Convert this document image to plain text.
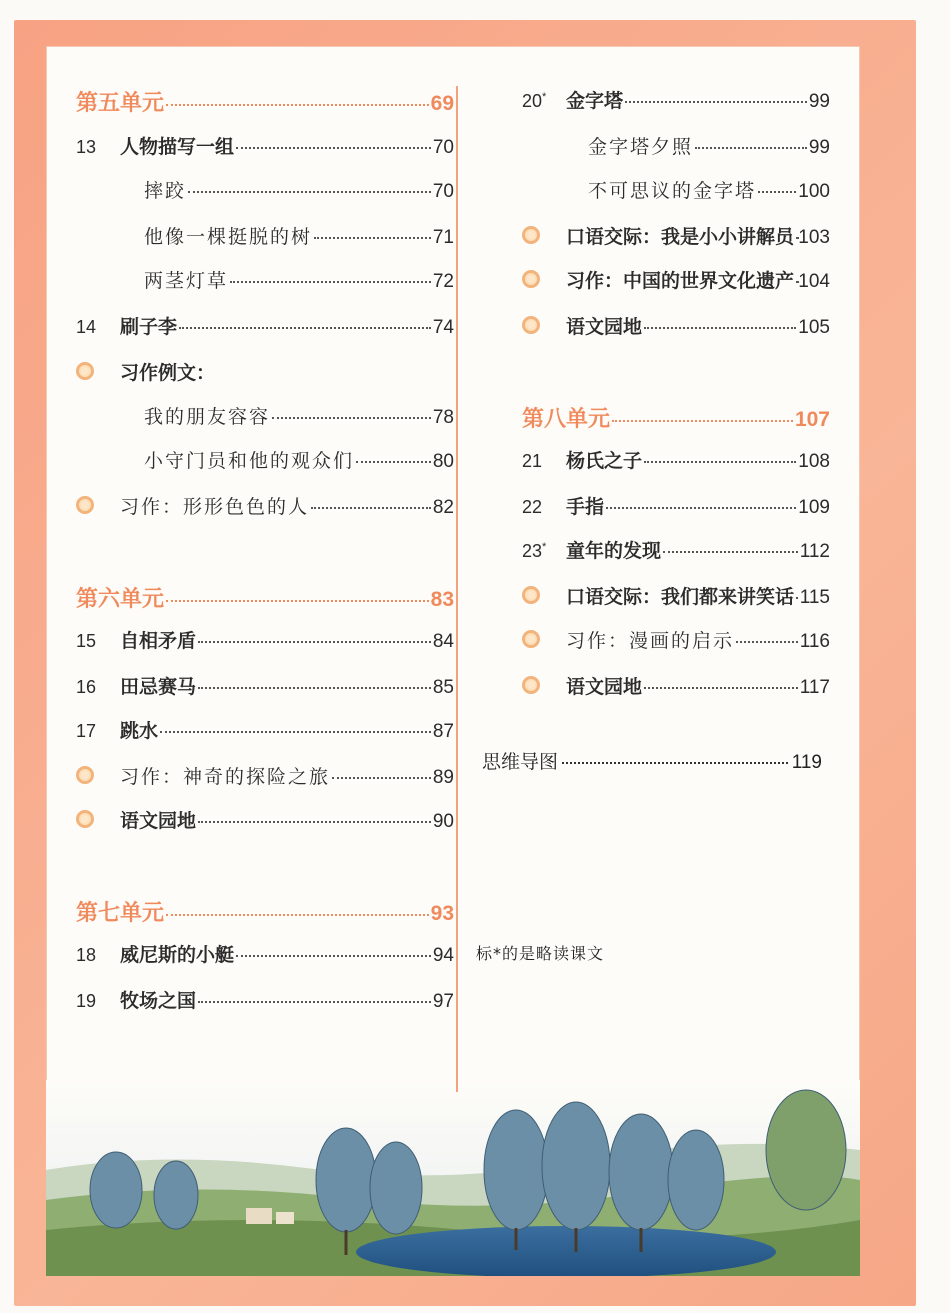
第五单元	69
13	人物描写一组	70
摔跤	70
他像一棵挺脱的树	71
两茎灯草	72
14	刷子李	74
习作例文：
我的朋友容容	78
小守门员和他的观众们	80
习作：形形色色的人	82
第六单元	83
15	自相矛盾	84
16	田忌赛马	85
17	跳水	87
习作：神奇的探险之旅	89
语文园地	90
第七单元	93
18	威尼斯的小艇	94
19	牧场之国	97
20*	金字塔	99
金字塔夕照	99
不可思议的金字塔 100
口语交际：我是小小讲解员 103
习作：中国的世界文化遗产 104
语文园地	105
第八单元	107
21	杨氏之子	108
22	手指	109
23*	童年的发现	112
口语交际：我们都来讲笑话 115
习作：漫画的启示	116
语文园地	117
思维导图	119
标*的是略读课文
